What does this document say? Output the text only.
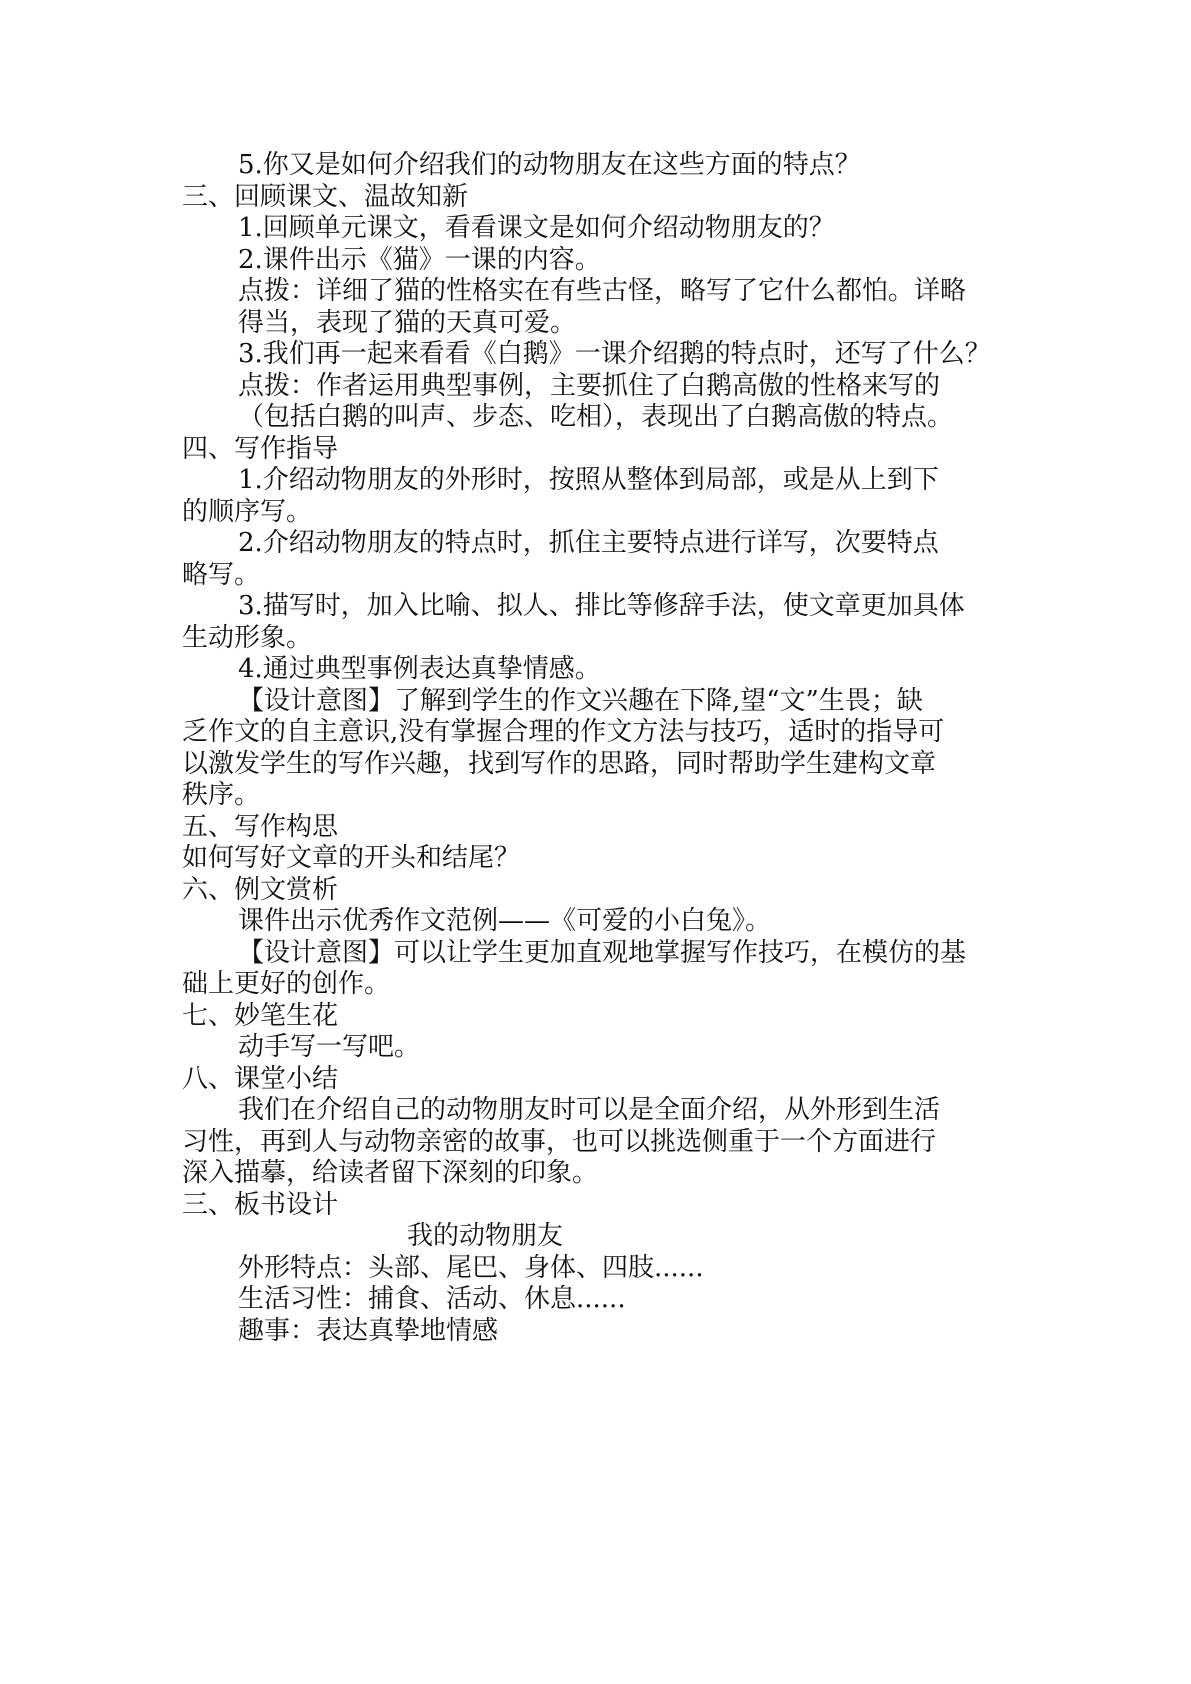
5.你又是如何介绍我们的动物朋友在这些方面的特点？
三、回顾课文、温故知新
1.回顾单元课文，看看课文是如何介绍动物朋友的？
2.课件出示《猫》一课的内容。
点拨：详细了猫的性格实在有些古怪，略写了它什么都怕。详略
得当，表现了猫的天真可爱。
3.我们再一起来看看《白鹅》一课介绍鹅的特点时，还写了什么？
点拨：作者运用典型事例，主要抓住了白鹅高傲的性格来写的
（包括白鹅的叫声、步态、吃相），表现出了白鹅高傲的特点。
四、写作指导
1.介绍动物朋友的外形时，按照从整体到局部，或是从上到下
的顺序写。
2.介绍动物朋友的特点时，抓住主要特点进行详写，次要特点
略写。
3.描写时，加入比喻、拟人、排比等修辞手法，使文章更加具体
生动形象。
4.通过典型事例表达真挚情感。
【设计意图】了解到学生的作文兴趣在下降,望“文”生畏；缺
乏作文的自主意识,没有掌握合理的作文方法与技巧，适时的指导可
以激发学生的写作兴趣，找到写作的思路，同时帮助学生建构文章
秩序。
五、写作构思
如何写好文章的开头和结尾？
六、例文赏析
课件出示优秀作文范例——《可爱的小白兔》。
【设计意图】可以让学生更加直观地掌握写作技巧，在模仿的基
础上更好的创作。
七、妙笔生花
动手写一写吧。
八、课堂小结
我们在介绍自己的动物朋友时可以是全面介绍，从外形到生活
习性，再到人与动物亲密的故事，也可以挑选侧重于一个方面进行
深入描摹，给读者留下深刻的印象。
三、板书设计
我的动物朋友
外形特点：头部、尾巴、身体、四肢......
生活习性：捕食、活动、休息......
趣事：表达真挚地情感
